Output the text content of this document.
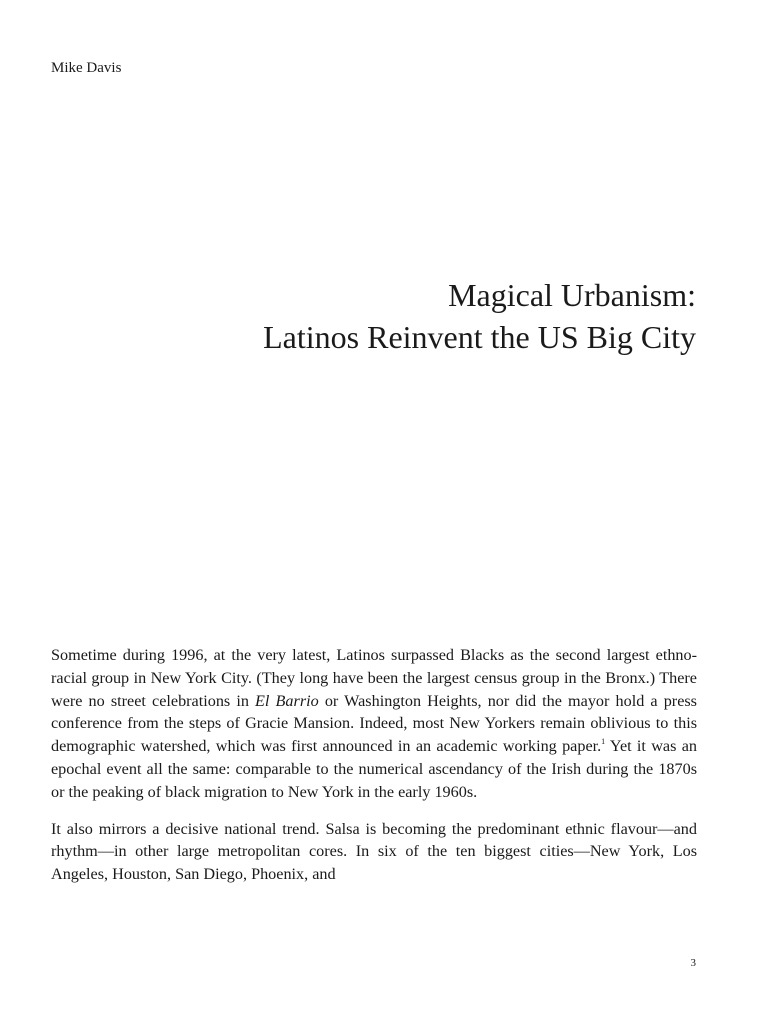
Mike Davis

Magical Urbanism:
Latinos Reinvent the US Big City

Sometime during 1996, at the very latest, Latinos surpassed Blacks as the second largest ethno-racial group in New York City. (They long have been the largest census group in the Bronx.) There were no street celebrations in El Barrio or Washington Heights, nor did the mayor hold a press conference from the steps of Gracie Mansion. Indeed, most New Yorkers remain oblivious to this demographic watershed, which was first announced in an academic working paper.$^1$ Yet it was an epochal event all the same: comparable to the numerical ascendancy of the Irish during the 1870s or the peaking of black migration to New York in the early 1960s.

It also mirrors a decisive national trend. Salsa is becoming the predominant ethnic flavour—and rhythm—in other large metropolitan cores. In six of the ten biggest cities—New York, Los Angeles, Houston, San Diego, Phoenix, and

3
